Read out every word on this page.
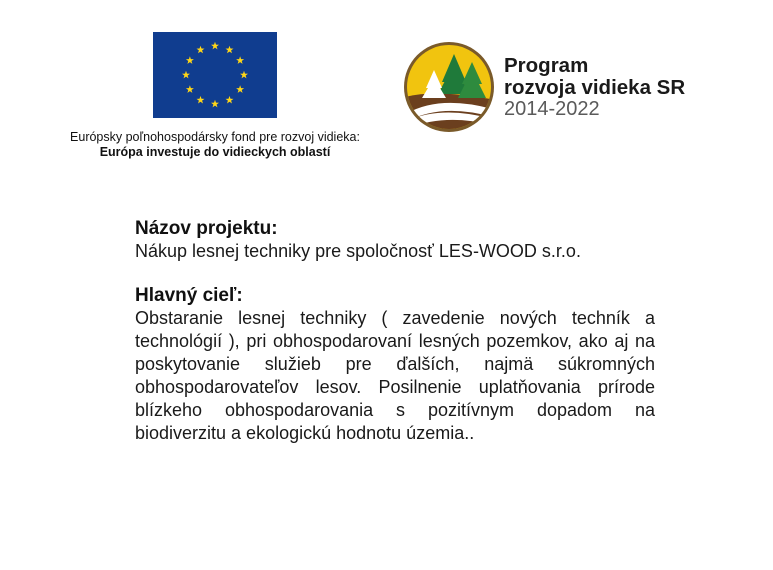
Európsky poľnohospodársky fond pre rozvoj vidieka:
Európa investuje do vidieckych oblastí
Program
rozvoja vidieka SR
2014-2022
Názov projektu:
Nákup lesnej techniky pre spoločnosť LES-WOOD s.r.o.
Hlavný cieľ:
Obstaranie lesnej techniky ( zavedenie nových techník a technológií ), pri obhospodarovaní lesných pozemkov, ako aj na poskytovanie služieb pre ďalších, najmä súkromných obhospodarovateľov lesov. Posilnenie uplatňovania prírode blízkeho obhospodarovania s pozitívnym dopadom na biodiverzitu a ekologickú hodnotu územia..
